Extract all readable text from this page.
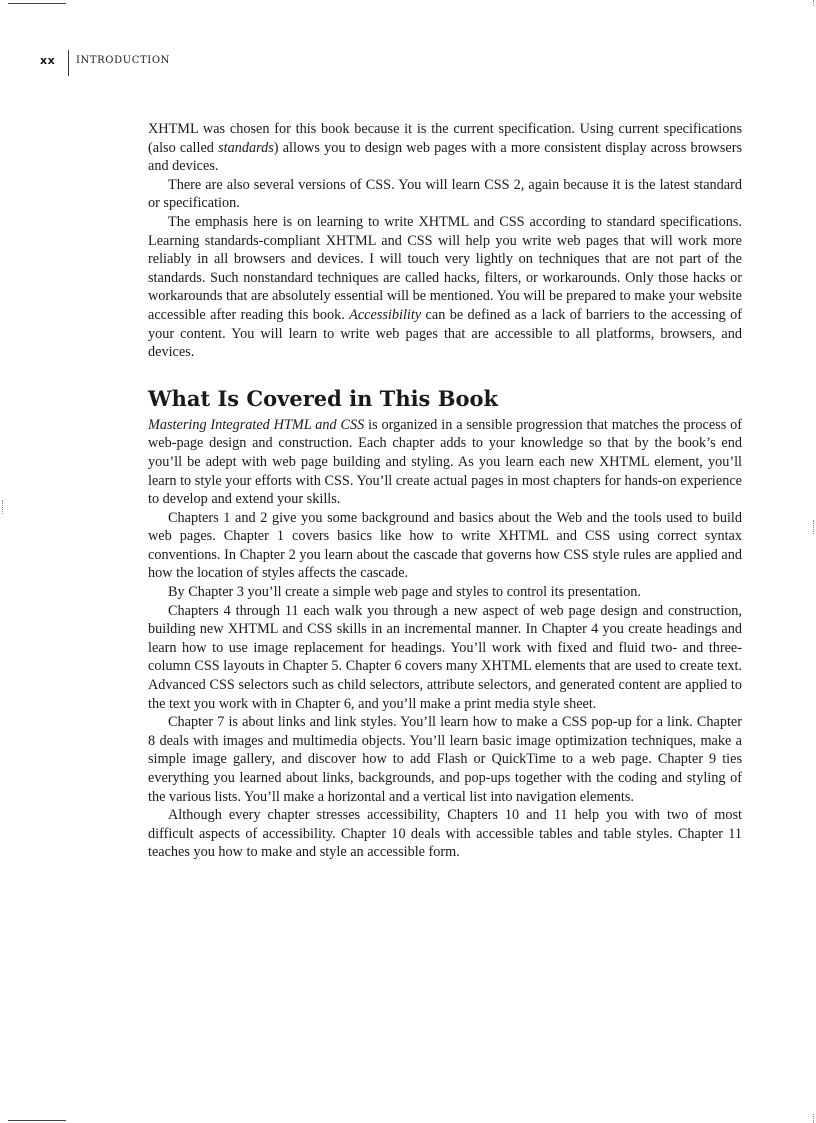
xx INTRODUCTION

XHTML was chosen for this book because it is the current specification. Using current specifications (also called standards) allows you to design web pages with a more consistent display across browsers and devices.

There are also several versions of CSS. You will learn CSS 2, again because it is the latest standard or specification.

The emphasis here is on learning to write XHTML and CSS according to standard specifications. Learning standards-compliant XHTML and CSS will help you write web pages that will work more reliably in all browsers and devices. I will touch very lightly on techniques that are not part of the standards. Such nonstandard techniques are called hacks, filters, or workarounds. Only those hacks or workarounds that are absolutely essential will be mentioned. You will be prepared to make your website accessible after reading this book. Accessibility can be defined as a lack of barriers to the accessing of your content. You will learn to write web pages that are accessible to all platforms, browsers, and devices.

What Is Covered in This Book

Mastering Integrated HTML and CSS is organized in a sensible progression that matches the process of web-page design and construction. Each chapter adds to your knowledge so that by the book’s end you’ll be adept with web page building and styling. As you learn each new XHTML element, you’ll learn to style your efforts with CSS. You’ll create actual pages in most chapters for hands-on experience to develop and extend your skills.

Chapters 1 and 2 give you some background and basics about the Web and the tools used to build web pages. Chapter 1 covers basics like how to write XHTML and CSS using correct syntax conventions. In Chapter 2 you learn about the cascade that governs how CSS style rules are applied and how the location of styles affects the cascade.

By Chapter 3 you’ll create a simple web page and styles to control its presentation.

Chapters 4 through 11 each walk you through a new aspect of web page design and construction, building new XHTML and CSS skills in an incremental manner. In Chapter 4 you create headings and learn how to use image replacement for headings. You’ll work with fixed and fluid two- and three-column CSS layouts in Chapter 5. Chapter 6 covers many XHTML elements that are used to create text. Advanced CSS selectors such as child selectors, attribute selectors, and generated content are applied to the text you work with in Chapter 6, and you’ll make a print media style sheet.

Chapter 7 is about links and link styles. You’ll learn how to make a CSS pop-up for a link. Chapter 8 deals with images and multimedia objects. You’ll learn basic image optimization techniques, make a simple image gallery, and discover how to add Flash or QuickTime to a web page. Chapter 9 ties everything you learned about links, backgrounds, and pop-ups together with the coding and styling of the various lists. You’ll make a horizontal and a vertical list into navigation elements.

Although every chapter stresses accessibility, Chapters 10 and 11 help you with two of most difficult aspects of accessibility. Chapter 10 deals with accessible tables and table styles. Chapter 11 teaches you how to make and style an accessible form.
